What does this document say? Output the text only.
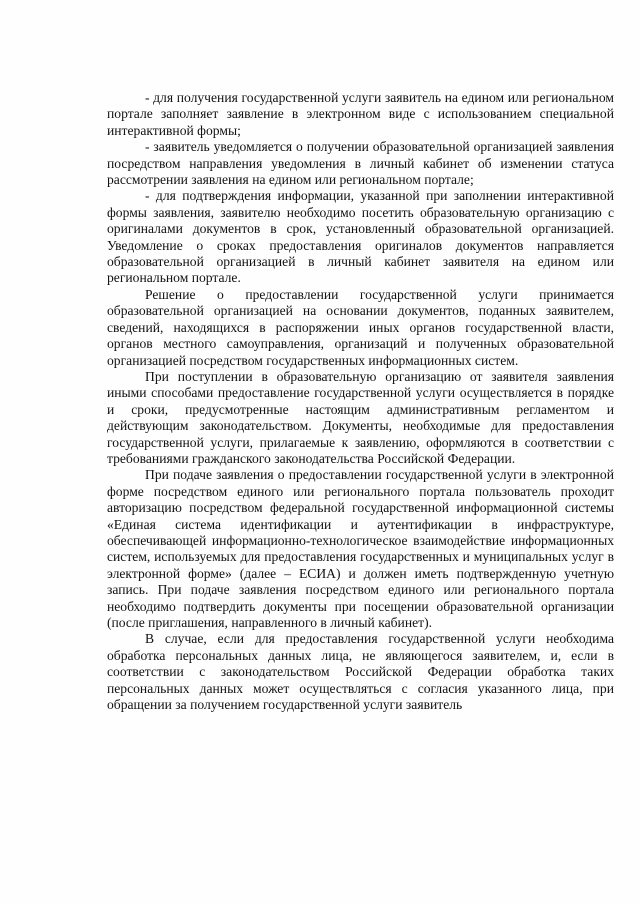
- для получения государственной услуги заявитель на едином или региональном портале заполняет заявление в электронном виде с использованием специальной интерактивной формы;

- заявитель уведомляется о получении образовательной организацией заявления посредством направления уведомления в личный кабинет об изменении статуса рассмотрении заявления на едином или региональном портале;

- для подтверждения информации, указанной при заполнении интерактивной формы заявления, заявителю необходимо посетить образовательную организацию с оригиналами документов в срок, установленный образовательной организацией. Уведомление о сроках предоставления оригиналов документов направляется образовательной организацией в личный кабинет заявителя на едином или региональном портале.

Решение о предоставлении государственной услуги принимается образовательной организацией на основании документов, поданных заявителем, сведений, находящихся в распоряжении иных органов государственной власти, органов местного самоуправления, организаций и полученных образовательной организацией посредством государственных информационных систем.

При поступлении в образовательную организацию от заявителя заявления иными способами предоставление государственной услуги осуществляется в порядке и сроки, предусмотренные настоящим административным регламентом и действующим законодательством. Документы, необходимые для предоставления государственной услуги, прилагаемые к заявлению, оформляются в соответствии с требованиями гражданского законодательства Российской Федерации.

При подаче заявления о предоставлении государственной услуги в электронной форме посредством единого или регионального портала пользователь проходит авторизацию посредством федеральной государственной информационной системы «Единая система идентификации и аутентификации в инфраструктуре, обеспечивающей информационно-технологическое взаимодействие информационных систем, используемых для предоставления государственных и муниципальных услуг в электронной форме» (далее – ЕСИА) и должен иметь подтвержденную учетную запись. При подаче заявления посредством единого или регионального портала необходимо подтвердить документы при посещении образовательной организации (после приглашения, направленного в личный кабинет).

В случае, если для предоставления государственной услуги необходима обработка персональных данных лица, не являющегося заявителем, и, если в соответствии с законодательством Российской Федерации обработка таких персональных данных может осуществляться с согласия указанного лица, при обращении за получением государственной услуги заявитель
